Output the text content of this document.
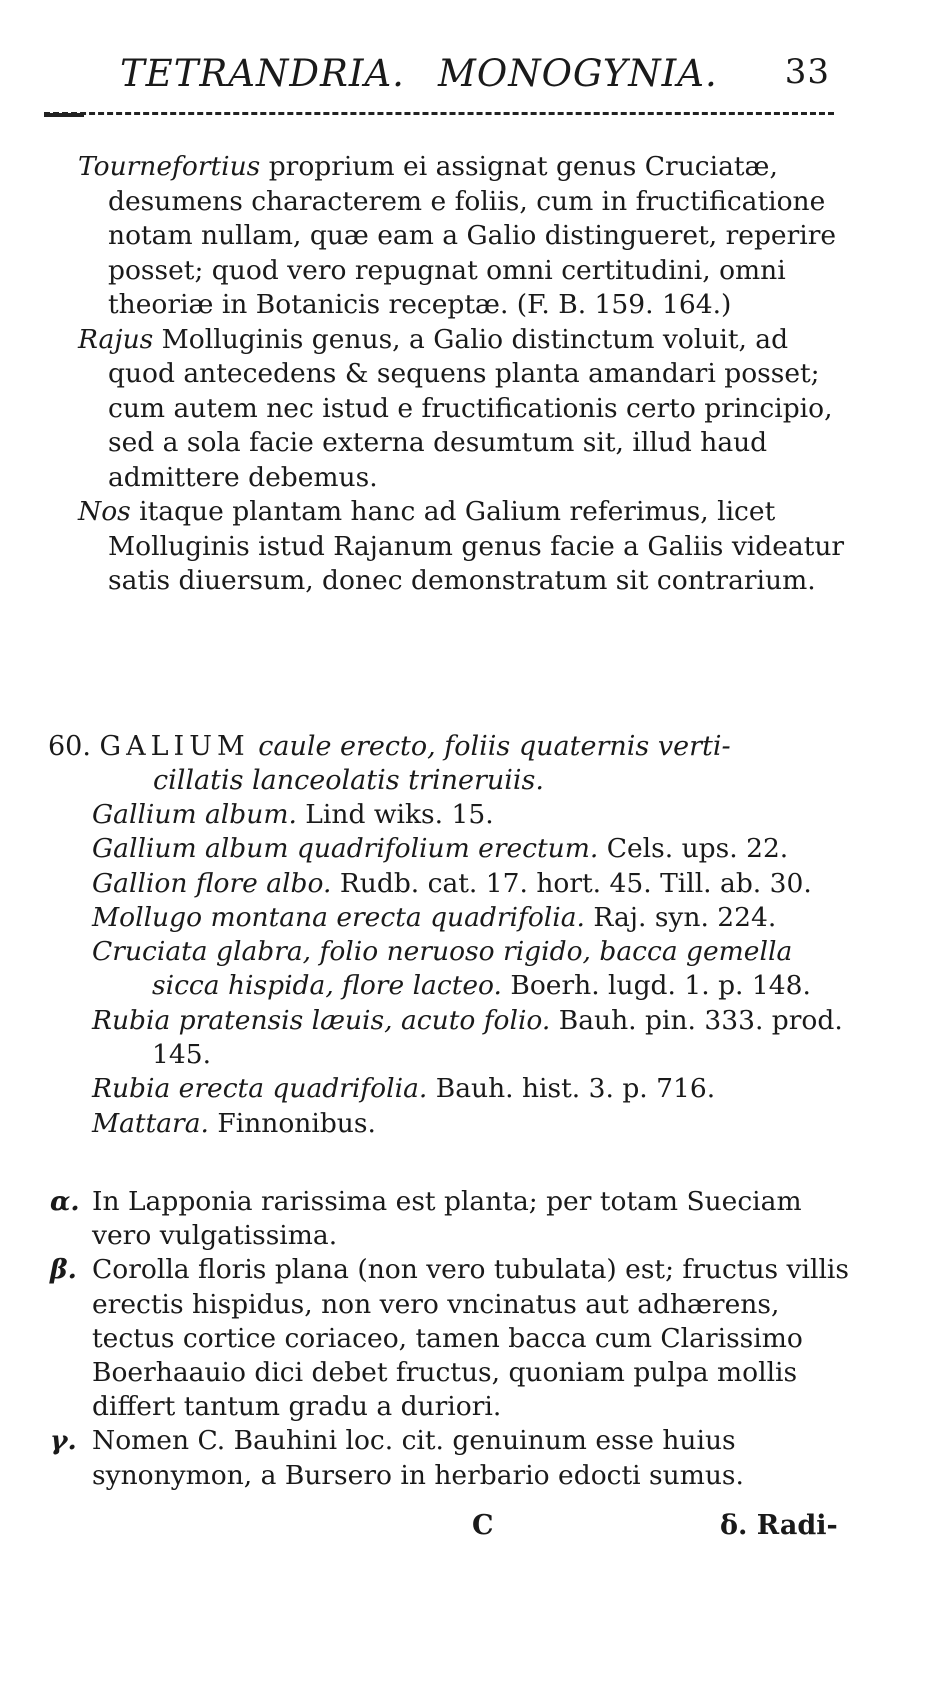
TETRANDRIA. MONOGYNIA. 33

Tournefortius proprium ei assignat genus Cruciatæ, desumens characterem e foliis, cum in fructificatione notam nullam, quæ eam a Galio distingueret, reperire posset; quod vero repugnat omni certitudini, omni theoriæ in Botanicis receptæ. (F. B. 159. 164.)

Rajus Molluginis genus, a Galio distinctum voluit, ad quod antecedens & sequens planta amandari posset; cum autem nec istud e fructificationis certo principio, sed a sola facie externa desumtum sit, illud haud admittere debemus.

Nos itaque plantam hanc ad Galium referimus, licet Molluginis istud Rajanum genus facie a Galiis videatur satis diuersum, donec demonstratum sit contrarium.

60. GALIUM caule erecto, foliis quaternis verti-
cillatis lanceolatis trineruiis.

Gallium album. Lind wiks. 15.

Gallium album quadrifolium erectum. Cels. ups. 22.

Gallion flore albo. Rudb. cat. 17. hort. 45. Till. ab. 30.

Mollugo montana erecta quadrifolia. Raj. syn. 224.

Cruciata glabra, folio neruoso rigido, bacca gemella sicca hispida, flore lacteo. Boerh. lugd. 1. p. 148.

Rubia pratensis læuis, acuto folio. Bauh. pin. 333. prod. 145.

Rubia erecta quadrifolia. Bauh. hist. 3. p. 716.

Mattara. Finnonibus.

α. In Lapponia rarissima est planta; per totam Sueciam vero vulgatissima.

β. Corolla floris plana (non vero tubulata) est; fructus villis erectis hispidus, non vero vncinatus aut adhærens, tectus cortice coriaceo, tamen bacca cum Clarissimo Boerhaauio dici debet fructus, quoniam pulpa mollis differt tantum gradu a duriori.

γ. Nomen C. Bauhini loc. cit. genuinum esse huius synonymon, a Bursero in herbario edocti sumus.

C	δ. Radi-
